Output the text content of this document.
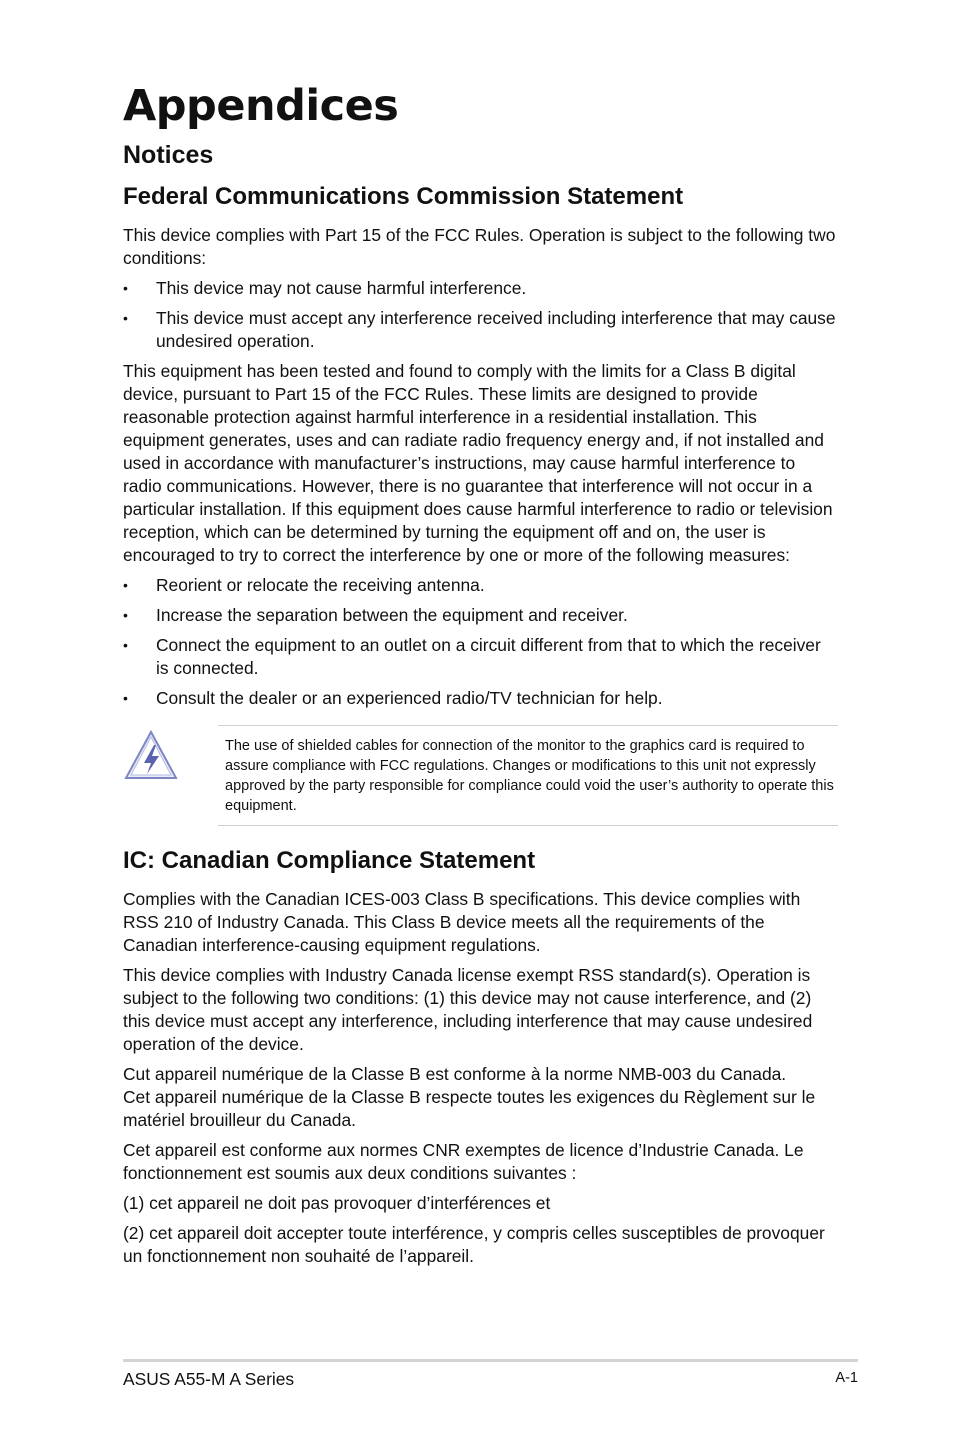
Appendices
Notices
Federal Communications Commission Statement

This device complies with Part 15 of the FCC Rules. Operation is subject to the following two conditions:

• This device may not cause harmful interference.
• This device must accept any interference received including interference that may cause undesired operation.

This equipment has been tested and found to comply with the limits for a Class B digital device, pursuant to Part 15 of the FCC Rules. These limits are designed to provide reasonable protection against harmful interference in a residential installation. This equipment generates, uses and can radiate radio frequency energy and, if not installed and used in accordance with manufacturer’s instructions, may cause harmful interference to radio communications. However, there is no guarantee that interference will not occur in a particular installation. If this equipment does cause harmful interference to radio or television reception, which can be determined by turning the equipment off and on, the user is encouraged to try to correct the interference by one or more of the following measures:

• Reorient or relocate the receiving antenna.
• Increase the separation between the equipment and receiver.
• Connect the equipment to an outlet on a circuit different from that to which the receiver is connected.
• Consult the dealer or an experienced radio/TV technician for help.

The use of shielded cables for connection of the monitor to the graphics card is required to assure compliance with FCC regulations. Changes or modifications to this unit not expressly approved by the party responsible for compliance could void the user’s authority to operate this equipment.

IC: Canadian Compliance Statement

Complies with the Canadian ICES-003 Class B specifications. This device complies with RSS 210 of Industry Canada. This Class B device meets all the requirements of the Canadian interference-causing equipment regulations.

This device complies with Industry Canada license exempt RSS standard(s). Operation is subject to the following two conditions: (1) this device may not cause interference, and (2) this device must accept any interference, including interference that may cause undesired operation of the device.

Cut appareil numérique de la Classe B est conforme à la norme NMB-003 du Canada.
Cet appareil numérique de la Classe B respecte toutes les exigences du Règlement sur le matériel brouilleur du Canada.

Cet appareil est conforme aux normes CNR exemptes de licence d’Industrie Canada. Le fonctionnement est soumis aux deux conditions suivantes :

(1) cet appareil ne doit pas provoquer d’interférences et

(2) cet appareil doit accepter toute interférence, y compris celles susceptibles de provoquer un fonctionnement non souhaité de l’appareil.

ASUS A55-M A Series	A-1
